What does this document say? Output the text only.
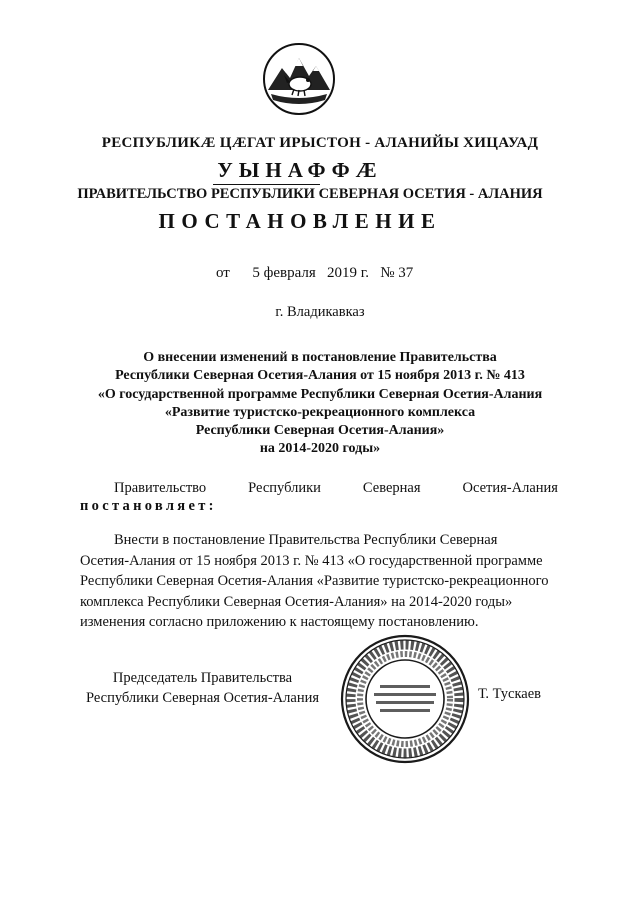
РЕСПУБЛИКÆ ЦÆГАТ ИРЫСТОН - АЛАНИЙЫ ХИЦАУАД
УЫНАФФÆ
ПРАВИТЕЛЬСТВО РЕСПУБЛИКИ СЕВЕРНАЯ ОСЕТИЯ - АЛАНИЯ
ПОСТАНОВЛЕНИЕ
от 5 февраля 2019 г. № 37
г. Владикавказ
О внесении изменений в постановление Правительства
Республики Северная Осетия-Алания от 15 ноября 2013 г. № 413
«О государственной программе Республики Северная Осетия-Алания
«Развитие туристско-рекреационного комплекса
Республики Северная Осетия-Алания»
на 2014-2020 годы»
Правительство	Республики	Северная	Осетия-Алания
постановляет:
Внести в постановление Правительства Республики Северная
Осетия-Алания от 15 ноября 2013 г. № 413 «О государственной программе
Республики Северная Осетия-Алания «Развитие туристско-рекреационного
комплекса Республики Северная Осетия-Алания» на 2014-2020 годы»
изменения согласно приложению к настоящему постановлению.
Председатель Правительства
Республики Северная Осетия-Алания	Т. Тускаев
